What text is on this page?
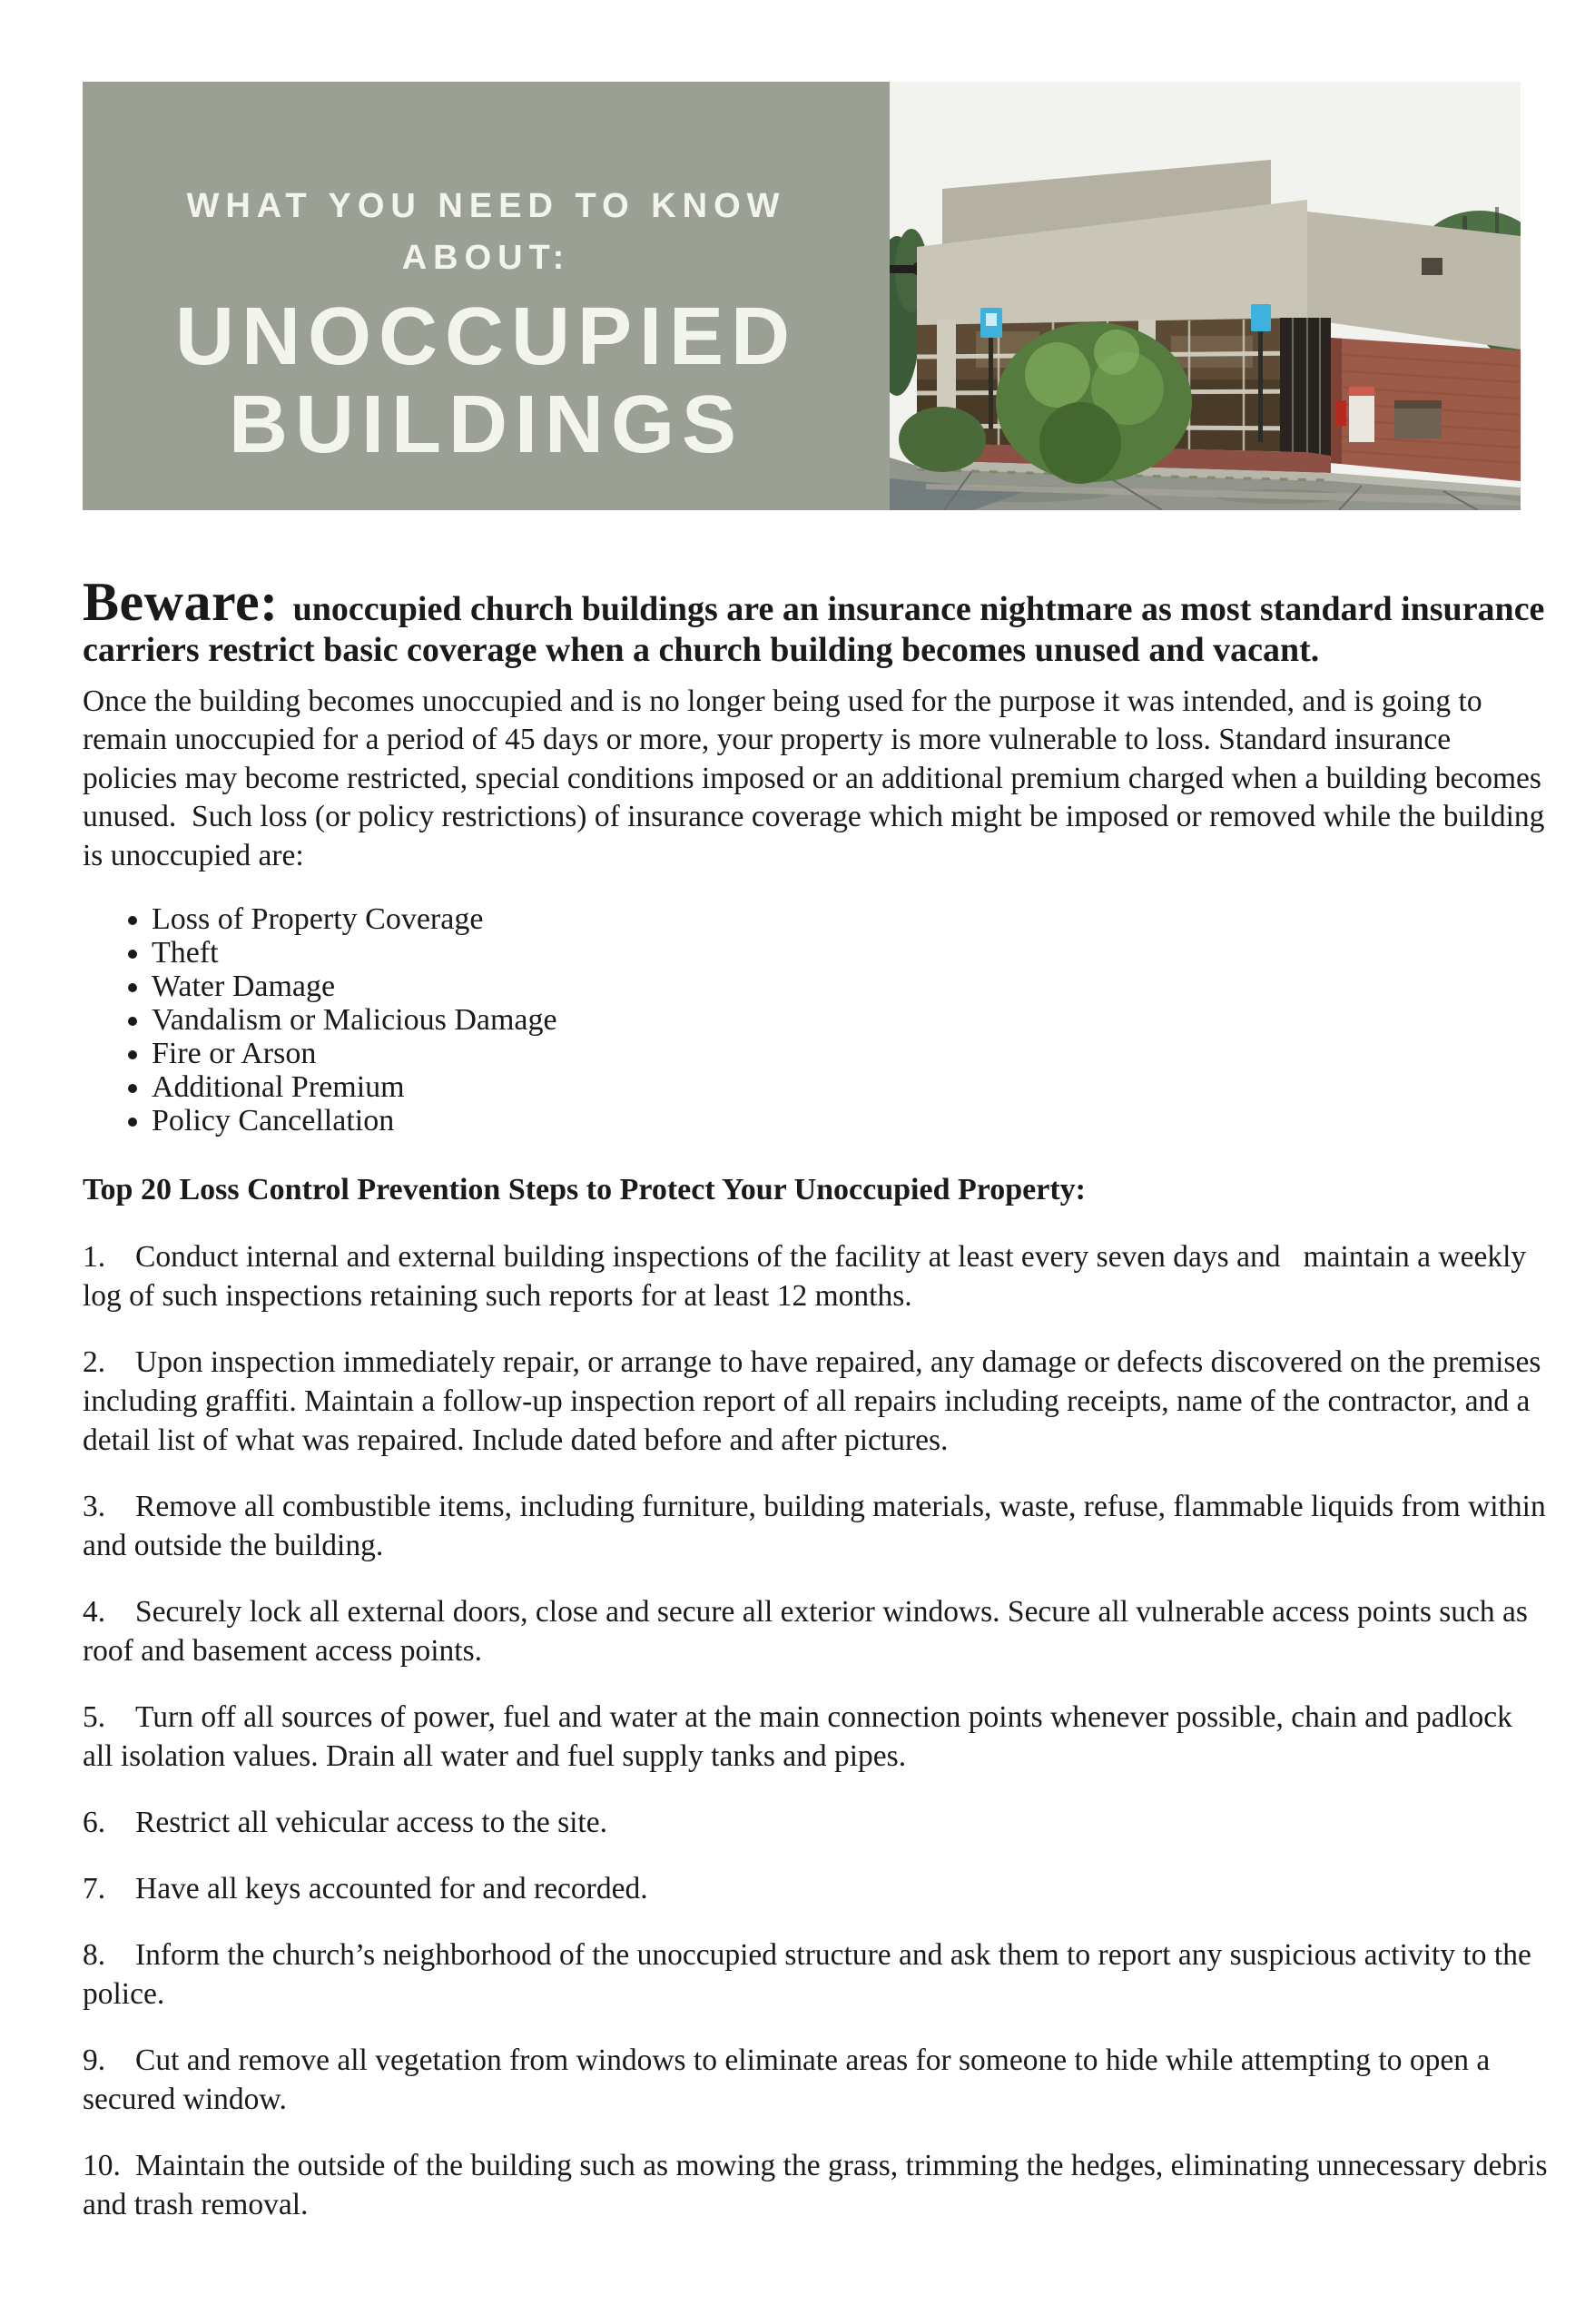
WHAT YOU NEED TO KNOW
ABOUT:
UNOCCUPIED
BUILDINGS

Beware: unoccupied church buildings are an insurance nightmare as most standard insurance carriers restrict basic coverage when a church building becomes unused and vacant.

Once the building becomes unoccupied and is no longer being used for the purpose it was intended, and is going to remain unoccupied for a period of 45 days or more, your property is more vulnerable to loss. Standard insurance policies may become restricted, special conditions imposed or an additional premium charged when a building becomes unused.  Such loss (or policy restrictions) of insurance coverage which might be imposed or removed while the building is unoccupied are:

• Loss of Property Coverage
• Theft
• Water Damage
• Vandalism or Malicious Damage
• Fire or Arson
• Additional Premium
• Policy Cancellation

Top 20 Loss Control Prevention Steps to Protect Your Unoccupied Property:

1. Conduct internal and external building inspections of the facility at least every seven days and   maintain a weekly log of such inspections retaining such reports for at least 12 months.

2. Upon inspection immediately repair, or arrange to have repaired, any damage or defects discovered on the premises including graffiti. Maintain a follow-up inspection report of all repairs including receipts, name of the contractor, and a detail list of what was repaired. Include dated before and after pictures.

3. Remove all combustible items, including furniture, building materials, waste, refuse, flammable liquids from within and outside the building.

4. Securely lock all external doors, close and secure all exterior windows. Secure all vulnerable access points such as roof and basement access points.

5. Turn off all sources of power, fuel and water at the main connection points whenever possible, chain and padlock all isolation values. Drain all water and fuel supply tanks and pipes.

6. Restrict all vehicular access to the site.

7. Have all keys accounted for and recorded.

8. Inform the church’s neighborhood of the unoccupied structure and ask them to report any suspicious activity to the police.

9. Cut and remove all vegetation from windows to eliminate areas for someone to hide while attempting to open a secured window.

10. Maintain the outside of the building such as mowing the grass, trimming the hedges, eliminating unnecessary debris and trash removal.
